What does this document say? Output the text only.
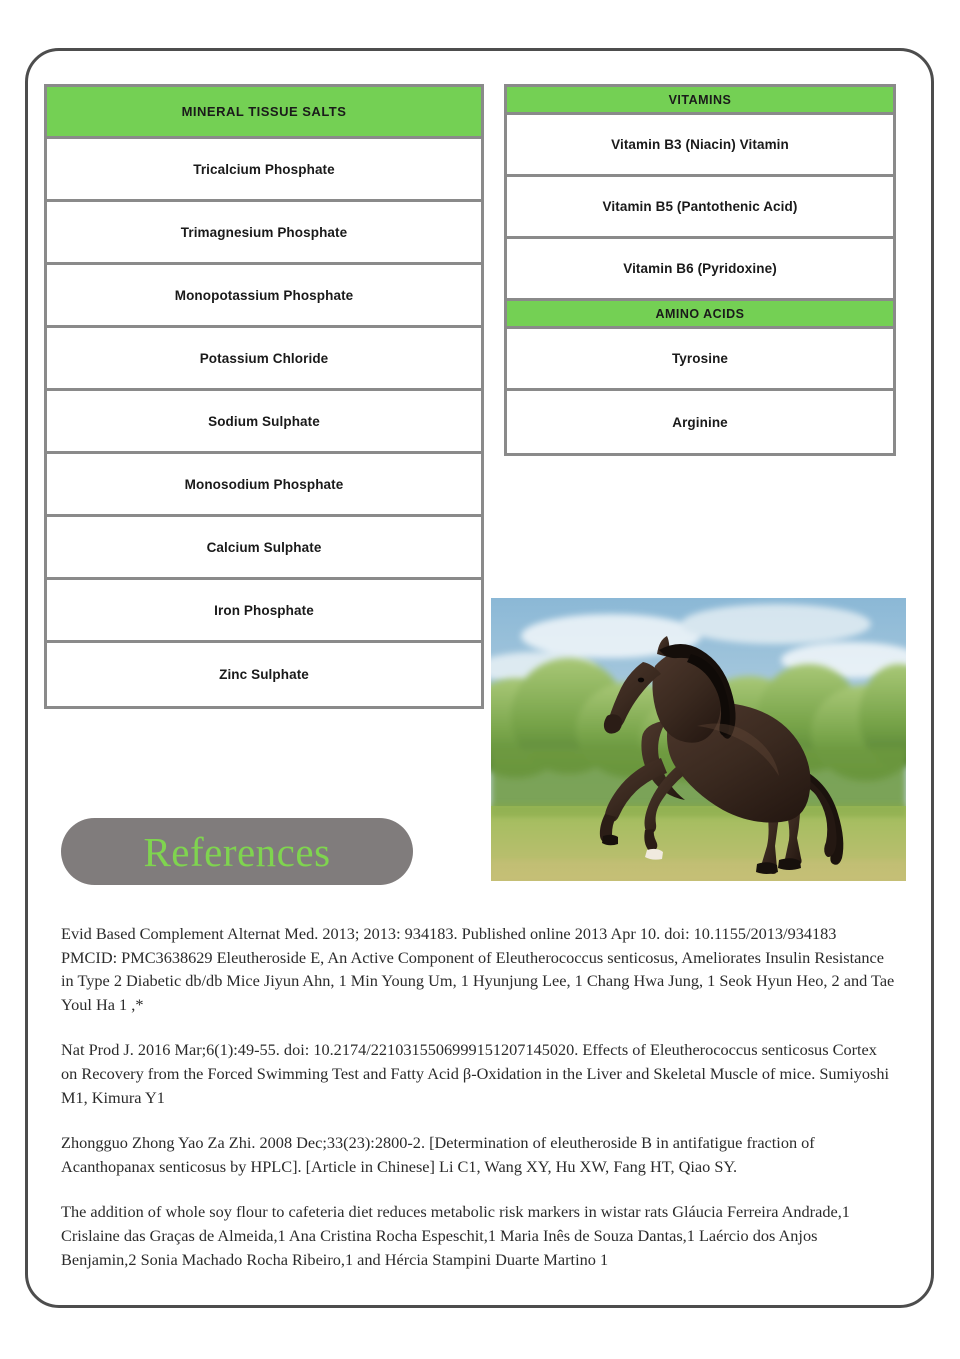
MINERAL TISSUE SALTS
Tricalcium Phosphate
Trimagnesium Phosphate
Monopotassium Phosphate
Potassium Chloride
Sodium Sulphate
Monosodium Phosphate
Calcium Sulphate
Iron Phosphate
Zinc Sulphate
VITAMINS
Vitamin B3 (Niacin) Vitamin
Vitamin B5 (Pantothenic Acid)
Vitamin B6 (Pyridoxine)
AMINO ACIDS
Tyrosine
Arginine
References

Evid Based Complement Alternat Med. 2013; 2013: 934183. Published online 2013 Apr 10. doi: 10.1155/2013/934183 PMCID: PMC3638629 Eleutheroside E, An Active Component of Eleutherococcus senticosus, Ameliorates Insulin Resistance in Type 2 Diabetic db/db Mice Jiyun Ahn, 1 Min Young Um, 1 Hyunjung Lee, 1 Chang Hwa Jung, 1 Seok Hyun Heo, 2 and Tae Youl Ha 1 ,*

Nat Prod J. 2016 Mar;6(1):49-55. doi: 10.2174/2210315506999151207145020. Effects of Eleutherococcus senticosus Cortex on Recovery from the Forced Swimming Test and Fatty Acid β-Oxidation in the Liver and Skeletal Muscle of mice. Sumiyoshi M1, Kimura Y1

Zhongguo Zhong Yao Za Zhi. 2008 Dec;33(23):2800-2. [Determination of eleutheroside B in antifatigue fraction of Acanthopanax senticosus by HPLC]. [Article in Chinese] Li C1, Wang XY, Hu XW, Fang HT, Qiao SY.

The addition of whole soy flour to cafeteria diet reduces metabolic risk markers in wistar rats Gláucia Ferreira Andrade,1 Crislaine das Graças de Almeida,1 Ana Cristina Rocha Espeschit,1 Maria Inês de Souza Dantas,1 Laércio dos Anjos Benjamin,2 Sonia Machado Rocha Ribeiro,1 and Hércia Stampini Duarte Martino 1
